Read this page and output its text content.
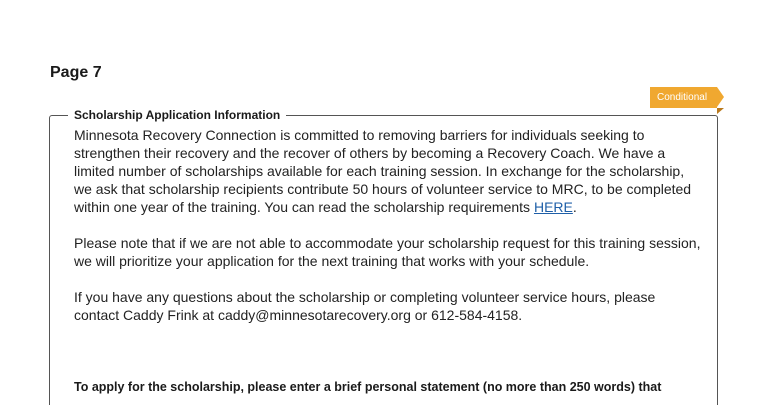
Page 7
Conditional
Scholarship Application Information

Minnesota Recovery Connection is committed to removing barriers for individuals seeking to strengthen their recovery and the recover of others by becoming a Recovery Coach. We have a limited number of scholarships available for each training session. In exchange for the scholarship, we ask that scholarship recipients contribute 50 hours of volunteer service to MRC, to be completed within one year of the training. You can read the scholarship requirements HERE.

Please note that if we are not able to accommodate your scholarship request for this training session, we will prioritize your application for the next training that works with your schedule.

If you have any questions about the scholarship or completing volunteer service hours, please contact Caddy Frink at caddy@minnesotarecovery.org or 612-584-4158.

To apply for the scholarship, please enter a brief personal statement (no more than 250 words) that
